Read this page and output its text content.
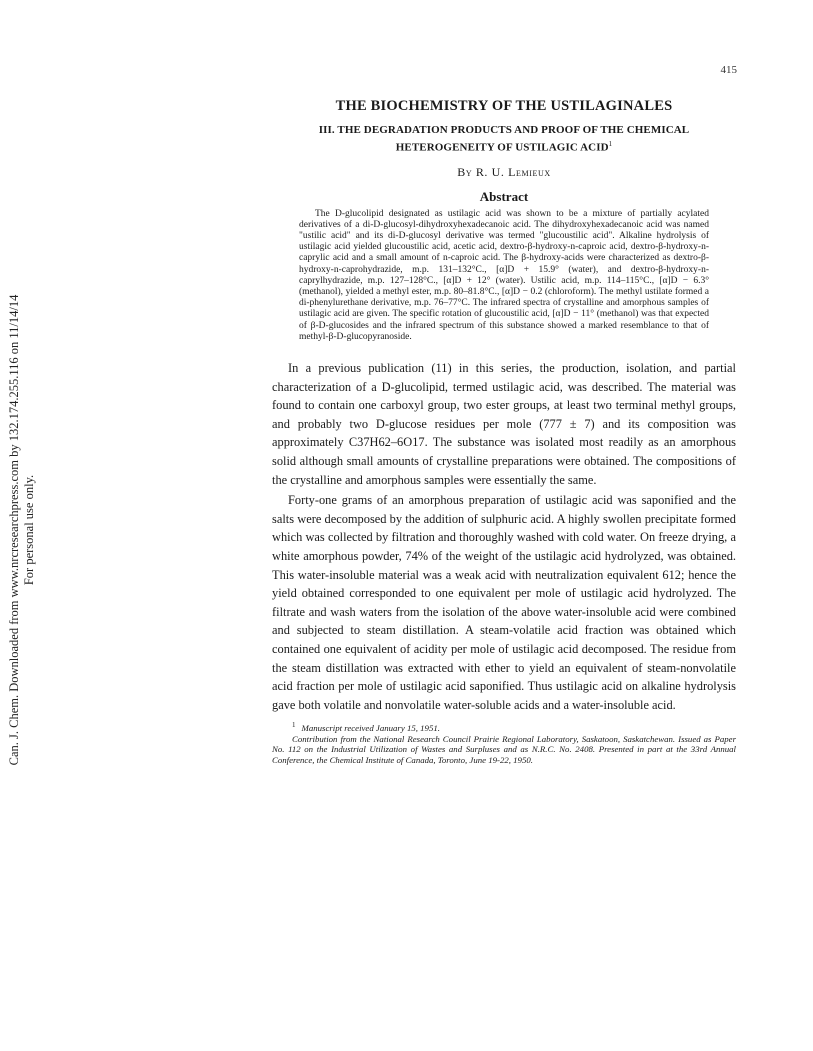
Can. J. Chem. Downloaded from www.nrcresearchpress.com by 132.174.255.116 on 11/14/14
For personal use only.
415
THE BIOCHEMISTRY OF THE USTILAGINALES
III. THE DEGRADATION PRODUCTS AND PROOF OF THE CHEMICAL
HETEROGENEITY OF USTILAGIC ACID$^1$
By R. U. Lemieux
Abstract

The D-glucolipid designated as ustilagic acid was shown to be a mixture of partially acylated derivatives of a di-D-glucosyl-dihydroxyhexadecanoic acid. The dihydroxyhexadecanoic acid was named "ustilic acid" and its di-D-glucosyl derivative was termed "glucoustilic acid". Alkaline hydrolysis of ustilagic acid yielded glucoustilic acid, acetic acid, dextro-β-hydroxy-n-caproic acid, dextro-β-hydroxy-n-caprylic acid and a small amount of n-caproic acid. The β-hydroxy-acids were characterized as dextro-β-hydroxy-n-caprohydrazide, m.p. 131–132°C., [α]D + 15.9° (water), and dextro-β-hydroxy-n-caprylhydrazide, m.p. 127–128°C., [α]D + 12° (water). Ustilic acid, m.p. 114–115°C., [α]D − 6.3° (methanol), yielded a methyl ester, m.p. 80–81.8°C., [α]D − 0.2 (chloroform). The methyl ustilate formed a di-phenylurethane derivative, m.p. 76–77°C. The infrared spectra of crystalline and amorphous samples of ustilagic acid are given. The specific rotation of glucoustilic acid, [α]D − 11° (methanol) was that expected of β-D-glucosides and the infrared spectrum of this substance showed a marked resemblance to that of methyl-β-D-glucopyranoside.

In a previous publication (11) in this series, the production, isolation, and partial characterization of a D-glucolipid, termed ustilagic acid, was described. The material was found to contain one carboxyl group, two ester groups, at least two terminal methyl groups, and probably two D-glucose residues per mole (777 ± 7) and its composition was approximately C37H62–6O17. The substance was isolated most readily as an amorphous solid although small amounts of crystalline preparations were obtained. The compositions of the crystalline and amorphous samples were essentially the same.

Forty-one grams of an amorphous preparation of ustilagic acid was saponified and the salts were decomposed by the addition of sulphuric acid. A highly swollen precipitate formed which was collected by filtration and thoroughly washed with cold water. On freeze drying, a white amorphous powder, 74% of the weight of the ustilagic acid hydrolyzed, was obtained. This water-insoluble material was a weak acid with neutralization equivalent 612; hence the yield obtained corresponded to one equivalent per mole of ustilagic acid hydrolyzed. The filtrate and wash waters from the isolation of the above water-insoluble acid were combined and subjected to steam distillation. A steam-volatile acid fraction was obtained which contained one equivalent of acidity per mole of ustilagic acid decomposed. The residue from the steam distillation was extracted with ether to yield an equivalent of steam-nonvolatile acid fraction per mole of ustilagic acid saponified. Thus ustilagic acid on alkaline hydrolysis gave both volatile and nonvolatile water-soluble acids and a water-insoluble acid.

$^1$ Manuscript received January 15, 1951.
Contribution from the National Research Council Prairie Regional Laboratory, Saskatoon, Saskatchewan. Issued as Paper No. 112 on the Industrial Utilization of Wastes and Surpluses and as N.R.C. No. 2408. Presented in part at the 33rd Annual Conference, the Chemical Institute of Canada, Toronto, June 19-22, 1950.
